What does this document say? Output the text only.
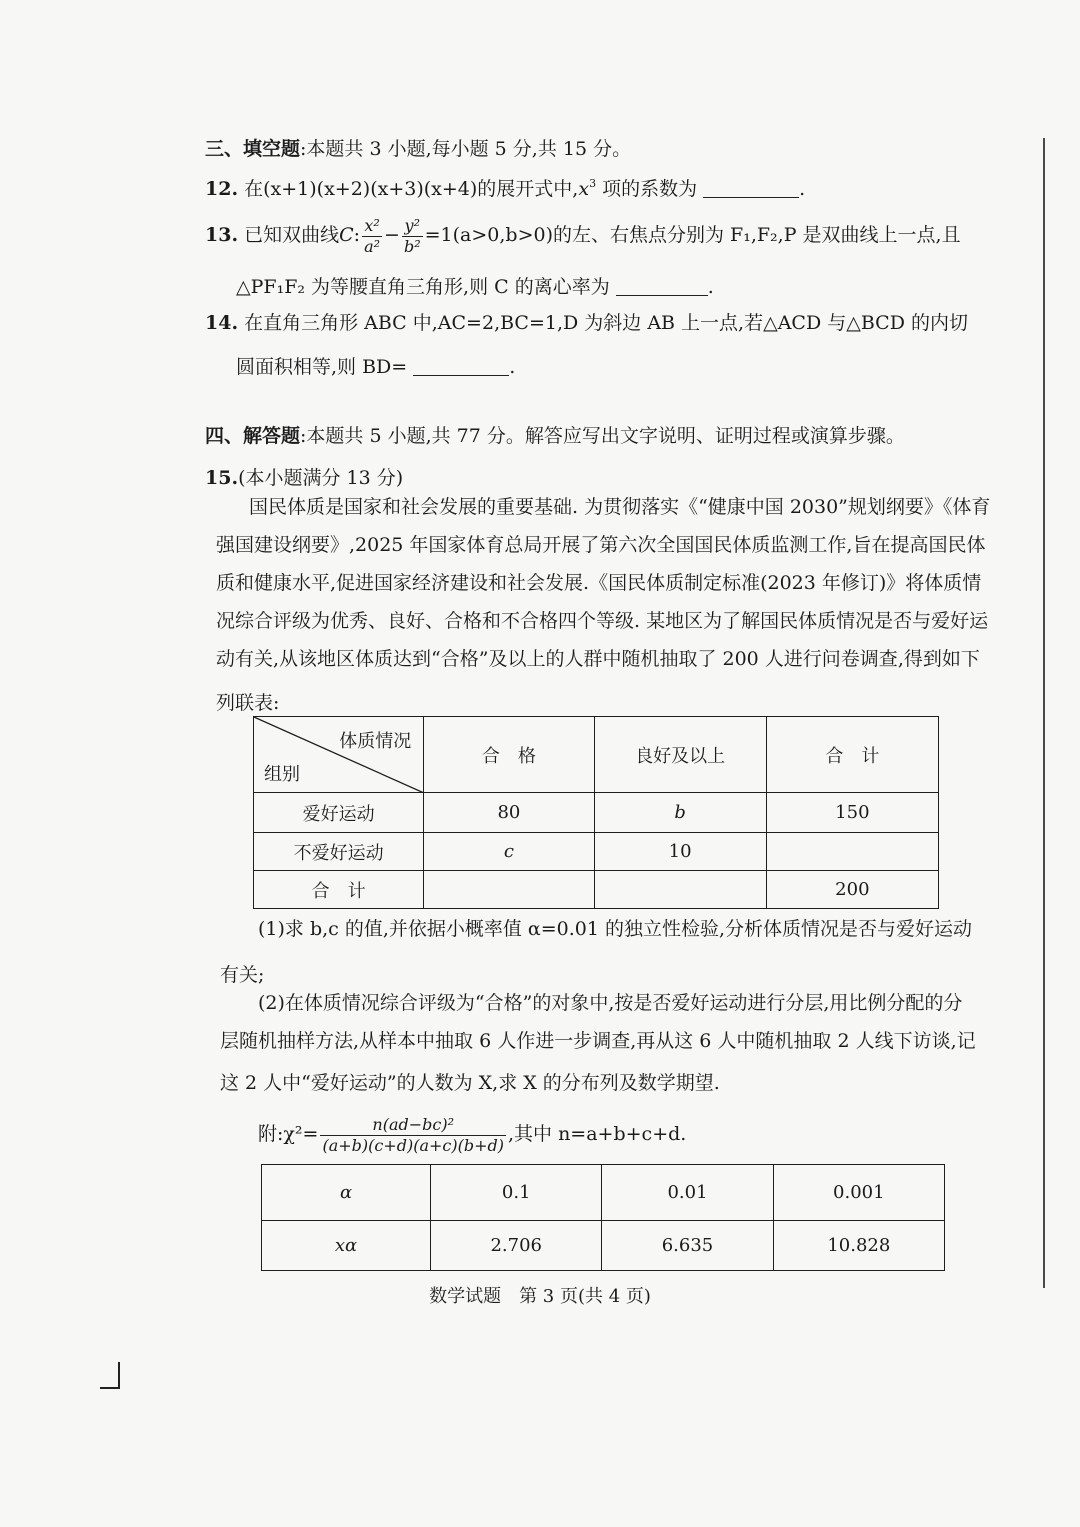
三、填空题:本题共 3 小题,每小题 5 分,共 15 分。
12. 在(x+1)(x+2)(x+3)(x+4)的展开式中$,x^3$ 项的系数为	.
13. 已知双曲线C: $\frac{\text{x²}}{\text{a²}} - \frac{\text{y²}}{\text{b²}} =1(a>0,b>0)$的左、右焦点分别为 F₁,F₂,P 是双曲线上一点,且
△PF₁F₂ 为等腰直角三角形,则 C 的离心率为	.
14. 在直角三角形 ABC 中,AC=2,BC=1,D 为斜边 AB 上一点,若△ACD 与△BCD 的内切
圆面积相等,则 BD=	.
四、解答题:本题共 5 小题,共 77 分。解答应写出文字说明、证明过程或演算步骤。
15.(本小题满分 13 分)
国民体质是国家和社会发展的重要基础. 为贯彻落实《“健康中国 2030”规划纲要》《体育
强国建设纲要》,2025 年国家体育总局开展了第六次全国国民体质监测工作,旨在提高国民体
质和健康水平,促进国家经济建设和社会发展.《国民体质制定标准(2023 年修订)》将体质情
况综合评级为优秀、良好、合格和不合格四个等级. 某地区为了解国民体质情况是否与爱好运
动有关,从该地区体质达到“合格”及以上的人群中随机抽取了 200 人进行问卷调查,得到如下
列联表:
体质情况
组别	合　格	良好及以上	合　计
爱好运动	80	b	150
不爱好运动	c	10	
合　计			200
(1)求 b,c 的值,并依据小概率值 α=0.01 的独立性检验,分析体质情况是否与爱好运动
有关;
(2)在体质情况综合评级为“合格”的对象中,按是否爱好运动进行分层,用比例分配的分
层随机抽样方法,从样本中抽取 6 人作进一步调查,再从这 6 人中随机抽取 2 人线下访谈,记
这 2 人中“爱好运动”的人数为 X,求 X 的分布列及数学期望.
附:χ²= $\frac{\text{n(ad−bc)²}}{(a+b)(c+d)(a+c)(b+d)}$ ,其中 n=a+b+c+d.
α	0.1	0.01	0.001
xα	2.706	6.635	10.828
数学试题　第 3 页(共 4 页)
